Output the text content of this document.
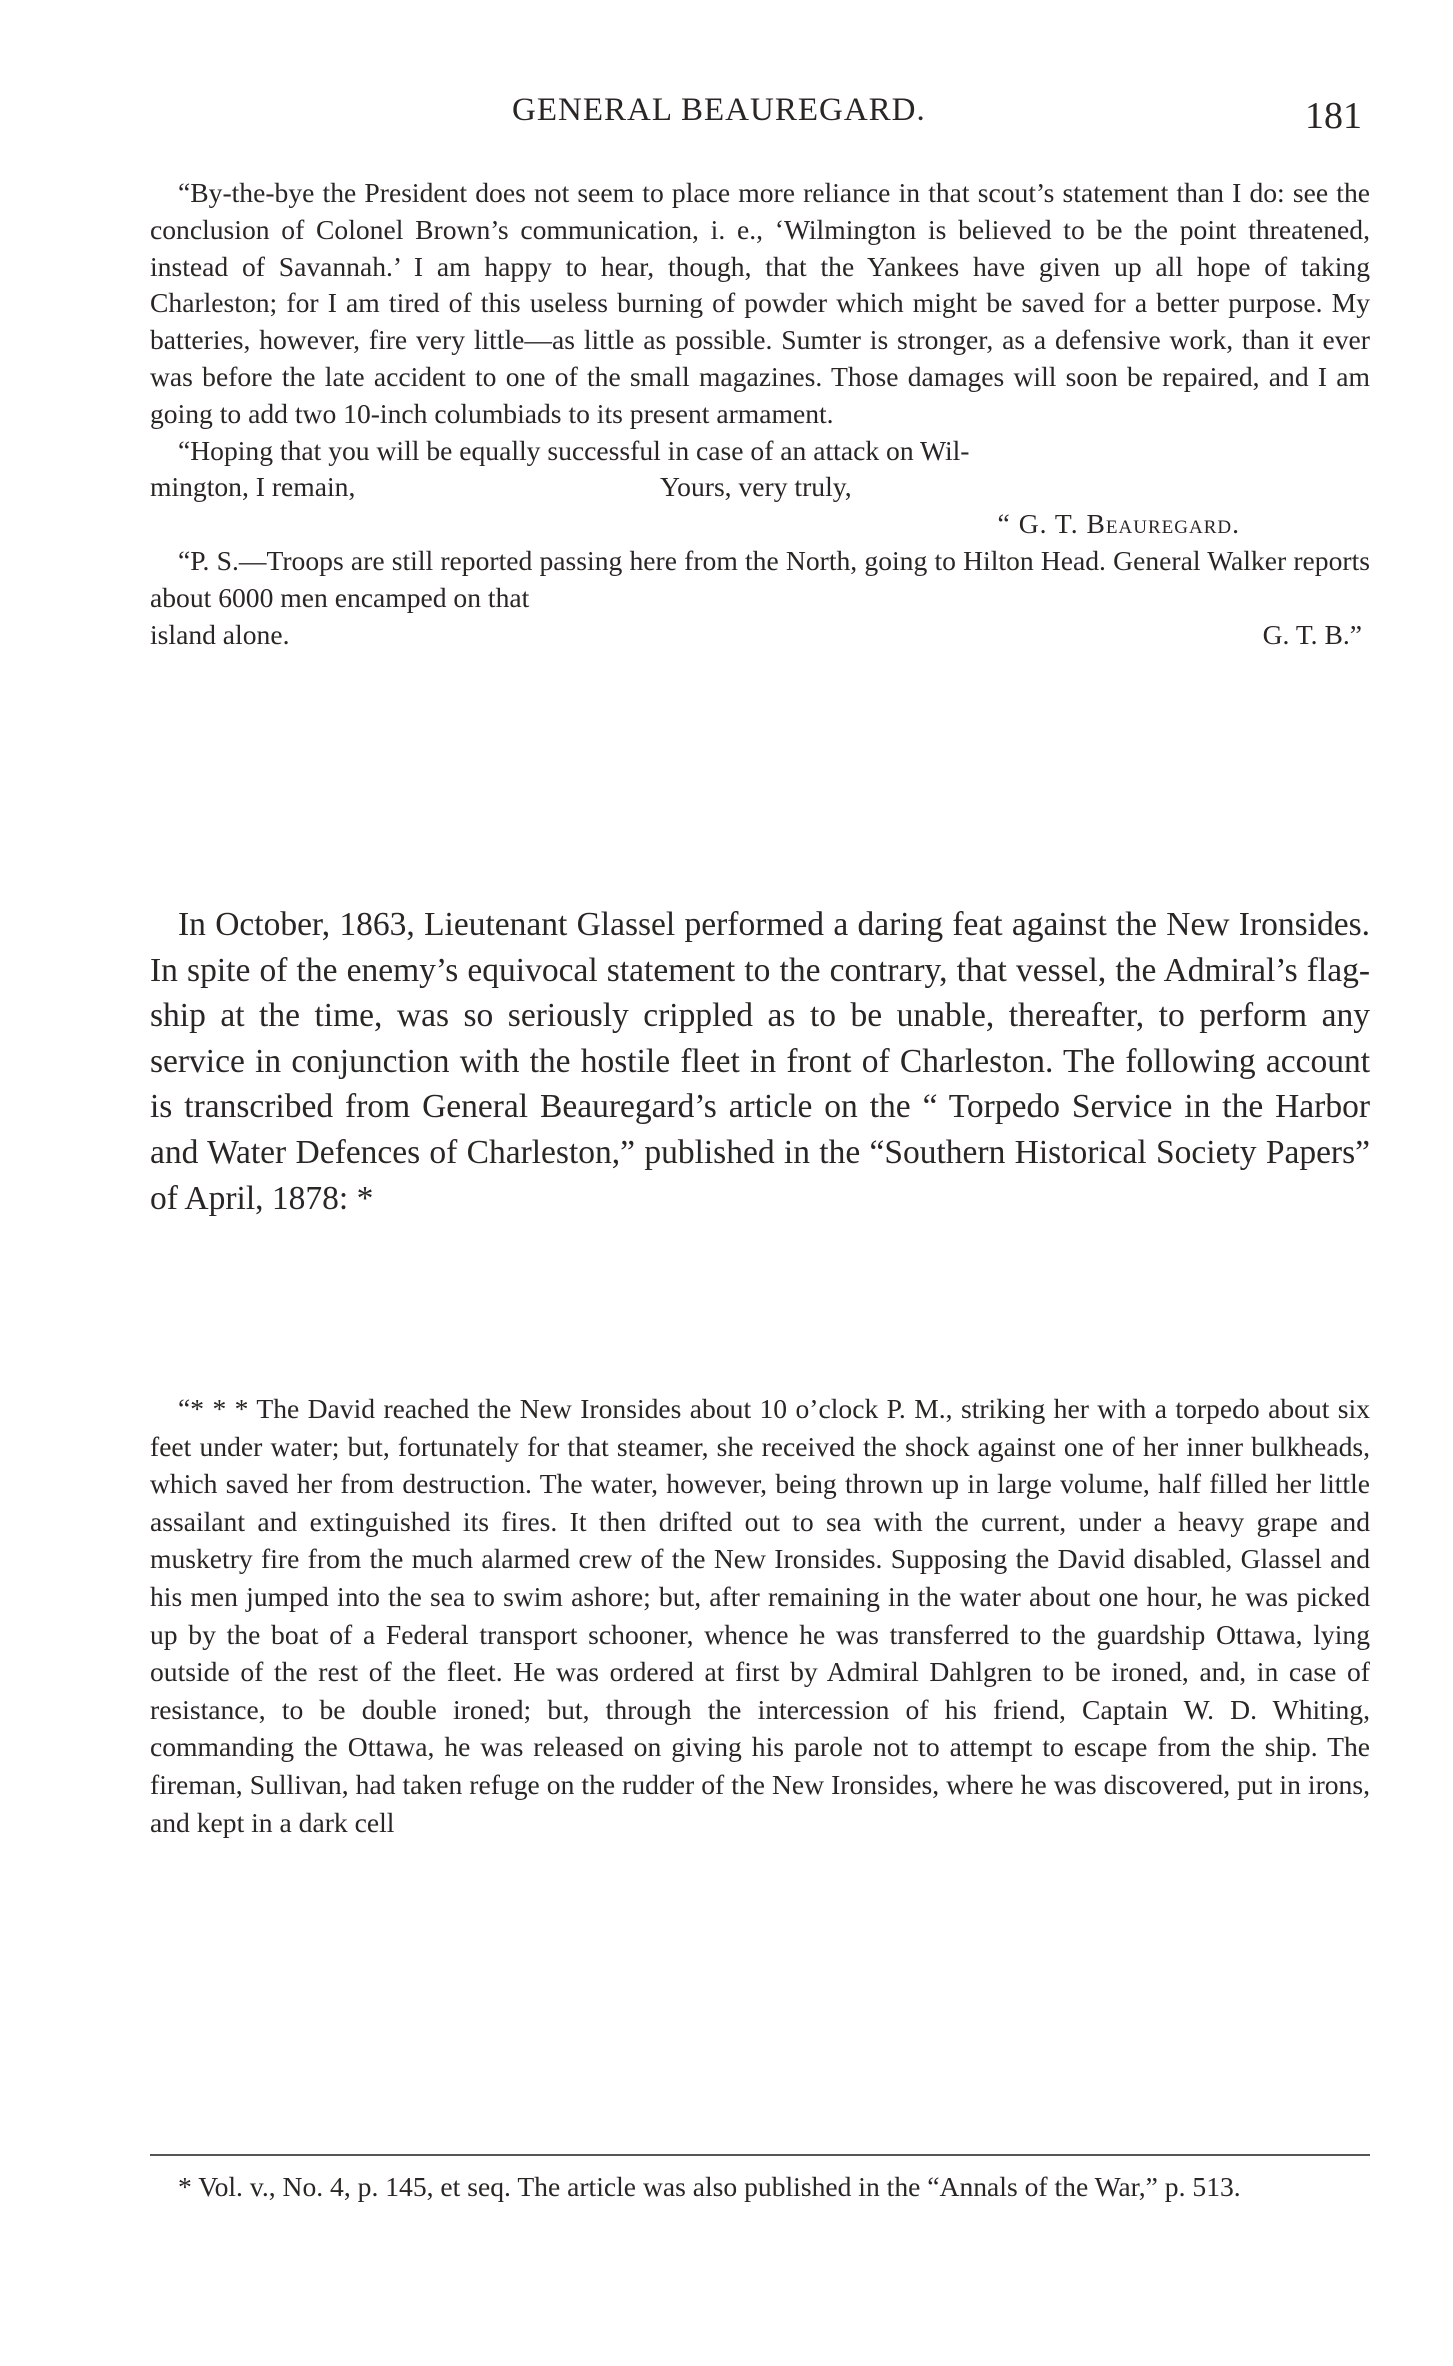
GENERAL BEAUREGARD.	181

“By-the-bye the President does not seem to place more reliance in that scout’s statement than I do: see the conclusion of Colonel Brown’s communication, i. e., ‘Wilmington is believed to be the point threatened, instead of Savannah.’ I am happy to hear, though, that the Yankees have given up all hope of taking Charleston; for I am tired of this useless burning of powder which might be saved for a better purpose. My batteries, however, fire very little—as little as possible. Sumter is stronger, as a defensive work, than it ever was before the late accident to one of the small magazines. Those damages will soon be repaired, and I am going to add two 10-inch columbiads to its present armament.

“Hoping that you will be equally successful in case of an attack on Wil-

mington, I remain,	Yours, very truly,

“ G. T. Beauregard.

“P. S.—Troops are still reported passing here from the North, going to Hilton Head. General Walker reports about 6000 men encamped on that

island alone.	G. T. B.”

In October, 1863, Lieutenant Glassel performed a daring feat against the New Ironsides. In spite of the enemy’s equivocal statement to the contrary, that vessel, the Admiral’s flag-ship at the time, was so seriously crippled as to be unable, thereafter, to perform any service in conjunction with the hostile fleet in front of Charleston. The following account is transcribed from General Beauregard’s article on the “ Torpedo Service in the Harbor and Water Defences of Charleston,” published in the “Southern Historical Society Papers” of April, 1878: *

“* * * The David reached the New Ironsides about 10 o’clock P. M., striking her with a torpedo about six feet under water; but, fortunately for that steamer, she received the shock against one of her inner bulkheads, which saved her from destruction. The water, however, being thrown up in large volume, half filled her little assailant and extinguished its fires. It then drifted out to sea with the current, under a heavy grape and musketry fire from the much alarmed crew of the New Ironsides. Supposing the David disabled, Glassel and his men jumped into the sea to swim ashore; but, after remaining in the water about one hour, he was picked up by the boat of a Federal transport schooner, whence he was transferred to the guardship Ottawa, lying outside of the rest of the fleet. He was ordered at first by Admiral Dahlgren to be ironed, and, in case of resistance, to be double ironed; but, through the intercession of his friend, Captain W. D. Whiting, commanding the Ottawa, he was released on giving his parole not to attempt to escape from the ship. The fireman, Sullivan, had taken refuge on the rudder of the New Ironsides, where he was discovered, put in irons, and kept in a dark cell

* Vol. v., No. 4, p. 145, et seq. The article was also published in the “Annals of the War,” p. 513.
